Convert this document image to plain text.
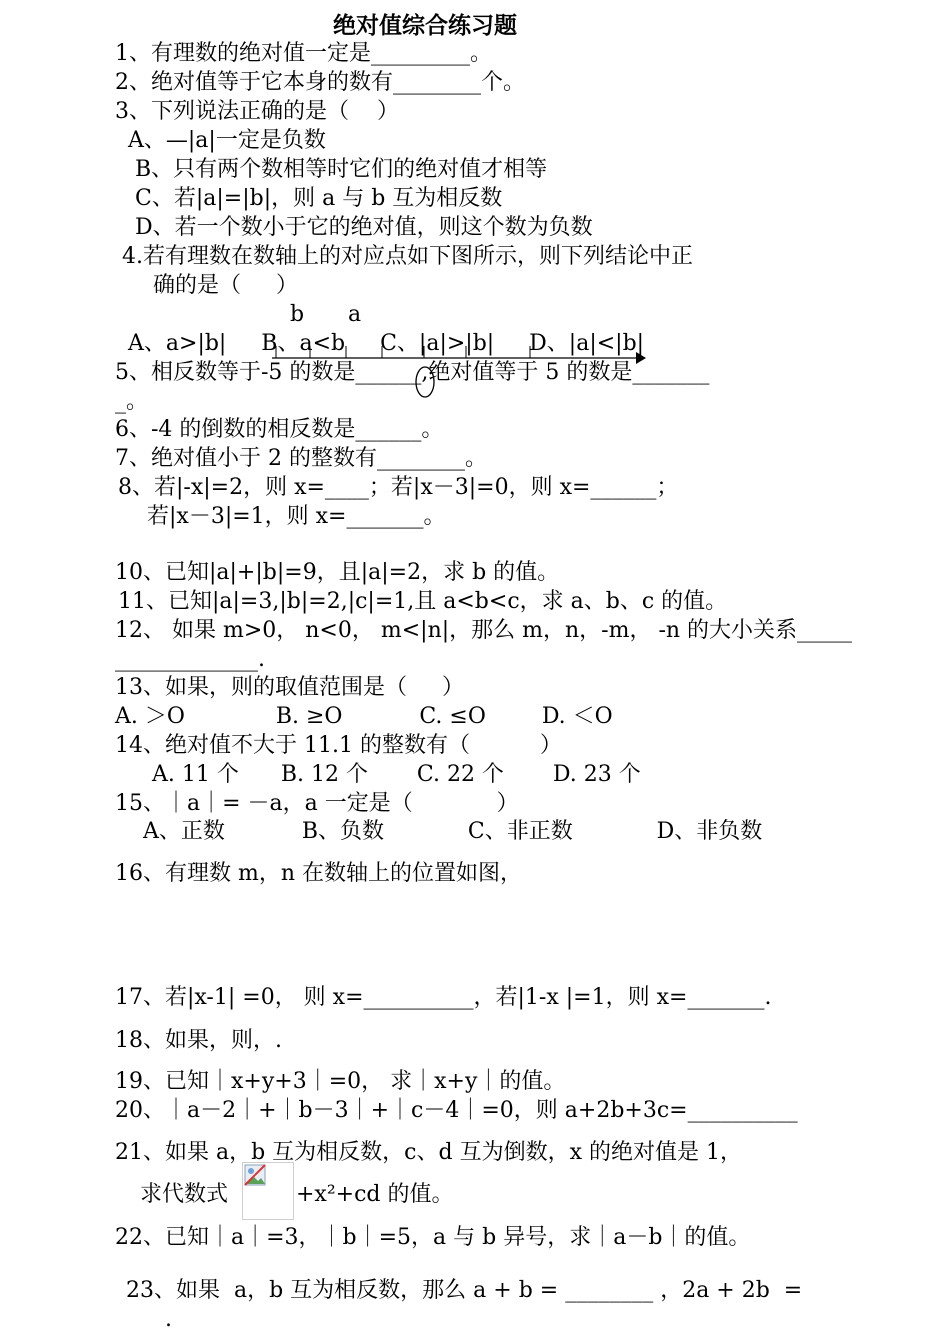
绝对值综合练习题
1、有理数的绝对值一定是_________。
2、绝对值等于它本身的数有________个。
3、下列说法正确的是（    ）
A、—|a|一定是负数
B、只有两个数相等时它们的绝对值才相等
C、若|a|=|b|，则 a 与 b 互为相反数
D、若一个数小于它的绝对值，则这个数为负数
4.若有理数在数轴上的对应点如下图所示，则下列结论中正
确的是（     ）
b a
A、a>|b|     B、a<b     C、|a|>|b|     D、|a|<|b|
5、相反数等于-5 的数是______,绝对值等于 5 的数是_______
_。
6、-4 的倒数的相反数是______。
7、绝对值小于 2 的整数有________。
8、若|-x|=2，则 x=____；若|x－3|=0，则 x=______；
若|x－3|=1，则 x=_______。
10、已知|a|+|b|=9，且|a|=2，求 b 的值。
11、已知|a|=3,|b|=2,|c|=1,且 a<b<c，求 a、b、c 的值。
12、 如果 m>0， n<0， m<|n|，那么 m，n，-m， -n 的大小关系_____
_____________.
13、如果，则的取值范围是（     ）
A. ＞O             B. ≥O           C. ≤O        D. ＜O
14、绝对值不大于 11.1 的整数有（          ）
A. 11 个      B. 12 个       C. 22 个       D. 23 个
15、｜a｜= －a，a 一定是（            ）
A、正数           B、负数            C、非正数            D、非负数
16、有理数 m，n 在数轴上的位置如图，
17、若|x-1| =0， 则 x=__________，若|1-x |=1，则 x=_______.
18、如果，则，.
19、已知｜x+y+3｜=0， 求｜x+y｜的值。
20、｜a－2｜+｜b－3｜+｜c－4｜=0，则 a+2b+3c=__________
21、如果 a，b 互为相反数，c、d 互为倒数，x 的绝对值是 1，
求代数式	+x²+cd 的值。
22、已知｜a｜=3，｜b｜=5，a 与 b 异号，求｜a－b｜的值。
23、如果  a，b 互为相反数，那么 a + b = ________ ，2a + 2b  =
.
